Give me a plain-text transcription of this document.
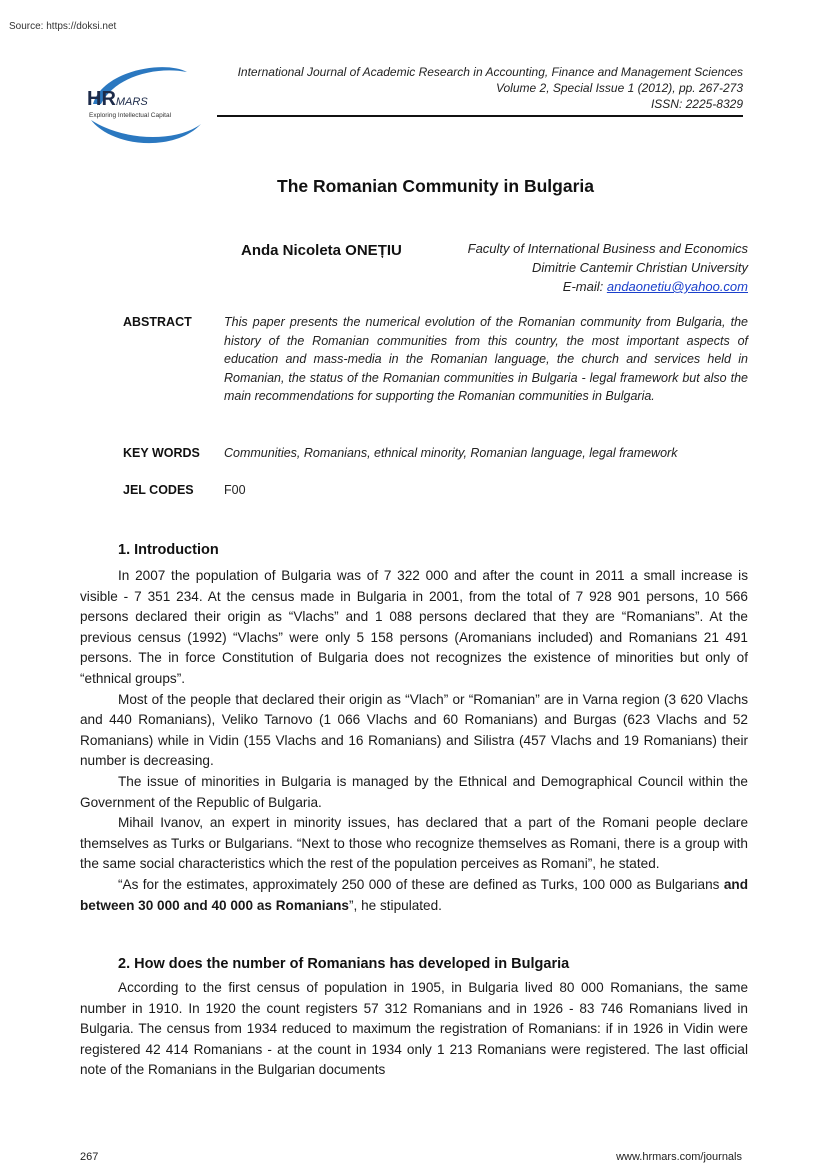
Source: https://doksi.net
HRMARS
Exploring Intellectual Capital
International Journal of Academic Research in Accounting, Finance and Management Sciences
Volume 2, Special Issue 1 (2012), pp. 267-273
ISSN: 2225-8329
The Romanian Community in Bulgaria
Anda Nicoleta ONEȚIU	Faculty of International Business and Economics
Dimitrie Cantemir Christian University
E-mail: andaonetiu@yahoo.com
ABSTRACT	This paper presents the numerical evolution of the Romanian community from Bulgaria, the history of the Romanian communities from this country, the most important aspects of education and mass-media in the Romanian language, the church and services held in Romanian, the status of the Romanian communities in Bulgaria - legal framework but also the main recommendations for supporting the Romanian communities in Bulgaria.
KEY WORDS Communities, Romanians, ethnical minority, Romanian language, legal framework
JEL CODES F00
1. Introduction

In 2007 the population of Bulgaria was of 7 322 000 and after the count in 2011 a small increase is visible - 7 351 234. At the census made in Bulgaria in 2001, from the total of 7 928 901 persons, 10 566 persons declared their origin as “Vlachs” and 1 088 persons declared that they are “Romanians”. At the previous census (1992) “Vlachs” were only 5 158 persons (Aromanians included) and Romanians 21 491 persons. The in force Constitution of Bulgaria does not recognizes the existence of minorities but only of “ethnical groups”.

Most of the people that declared their origin as “Vlach” or “Romanian” are in Varna region (3 620 Vlachs and 440 Romanians), Veliko Tarnovo (1 066 Vlachs and 60 Romanians) and Burgas (623 Vlachs and 52 Romanians) while in Vidin (155 Vlachs and 16 Romanians) and Silistra (457 Vlachs and 19 Romanians) their number is decreasing.

The issue of minorities in Bulgaria is managed by the Ethnical and Demographical Council within the Government of the Republic of Bulgaria.

Mihail Ivanov, an expert in minority issues, has declared that a part of the Romani people declare themselves as Turks or Bulgarians. “Next to those who recognize themselves as Romani, there is a group with the same social characteristics which the rest of the population perceives as Romani”, he stated.

“As for the estimates, approximately 250 000 of these are defined as Turks, 100 000 as Bulgarians and between 30 000 and 40 000 as Romanians”, he stipulated.

2. How does the number of Romanians has developed in Bulgaria

According to the first census of population in 1905, in Bulgaria lived 80 000 Romanians, the same number in 1910. In 1920 the count registers 57 312 Romanians and in 1926 - 83 746 Romanians lived in Bulgaria. The census from 1934 reduced to maximum the registration of Romanians: if in 1926 in Vidin were registered 42 414 Romanians - at the count in 1934 only 1 213 Romanians were registered. The last official note of the Romanians in the Bulgarian documents

267	www.hrmars.com/journals
